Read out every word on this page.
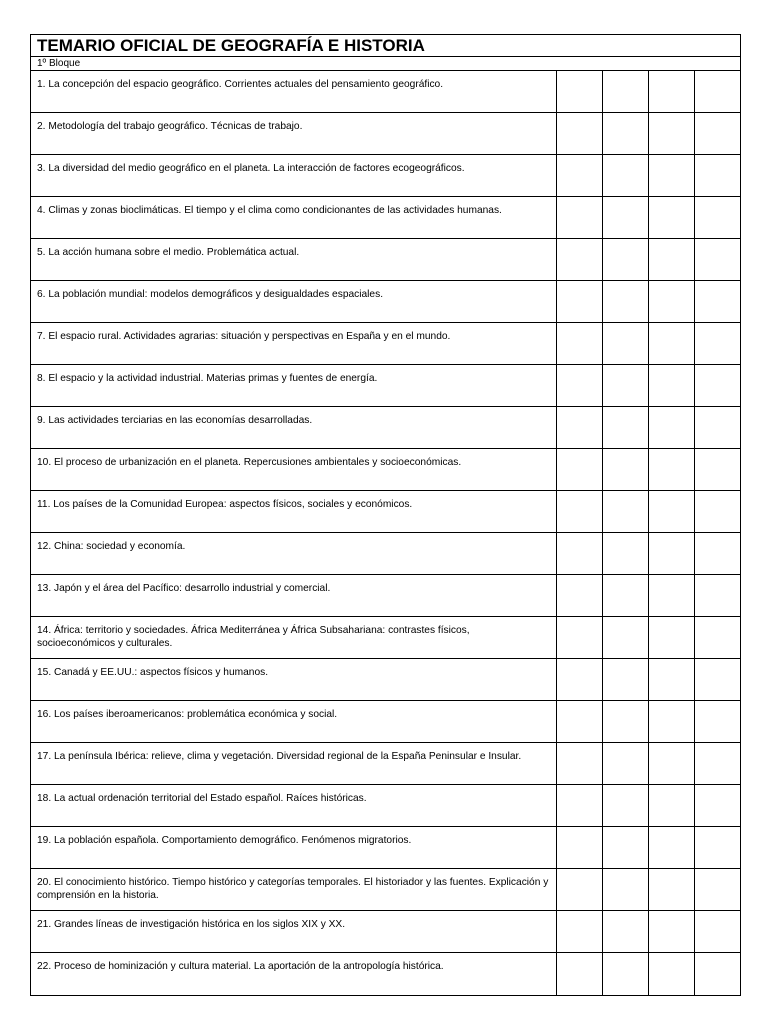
TEMARIO OFICIAL DE GEOGRAFÍA E HISTORIA
1º Bloque
1. La concepción del espacio geográfico. Corrientes actuales del pensamiento geográfico.
2. Metodología del trabajo geográfico. Técnicas de trabajo.
3. La diversidad del medio geográfico en el planeta. La interacción de factores ecogeográficos.
4. Climas y zonas bioclimáticas. El tiempo y el clima como condicionantes de las actividades humanas.
5. La acción humana sobre el medio. Problemática actual.
6. La población mundial: modelos demográficos y desigualdades espaciales.
7. El espacio rural. Actividades agrarias: situación y perspectivas en España y en el mundo.
8. El espacio y la actividad industrial. Materias primas y fuentes de energía.
9. Las actividades terciarias en las economías desarrolladas.
10. El proceso de urbanización en el planeta. Repercusiones ambientales y socioeconómicas.
11. Los países de la Comunidad Europea: aspectos físicos, sociales y económicos.
12. China: sociedad y economía.
13. Japón y el área del Pacífico: desarrollo industrial y comercial.
14. África: territorio y sociedades. África Mediterránea y África Subsahariana: contrastes físicos, socioeconómicos y culturales.
15. Canadá y EE.UU.: aspectos físicos y humanos.
16. Los países iberoamericanos: problemática económica y social.
17. La península Ibérica: relieve, clima y vegetación. Diversidad regional de la España Peninsular e Insular.
18. La actual ordenación territorial del Estado español. Raíces históricas.
19. La población española. Comportamiento demográfico. Fenómenos migratorios.
20. El conocimiento histórico. Tiempo histórico y categorías temporales. El historiador y las fuentes. Explicación y comprensión en la historia.
21. Grandes líneas de investigación histórica en los siglos XIX y XX.
22. Proceso de hominización y cultura material. La aportación de la antropología histórica.
